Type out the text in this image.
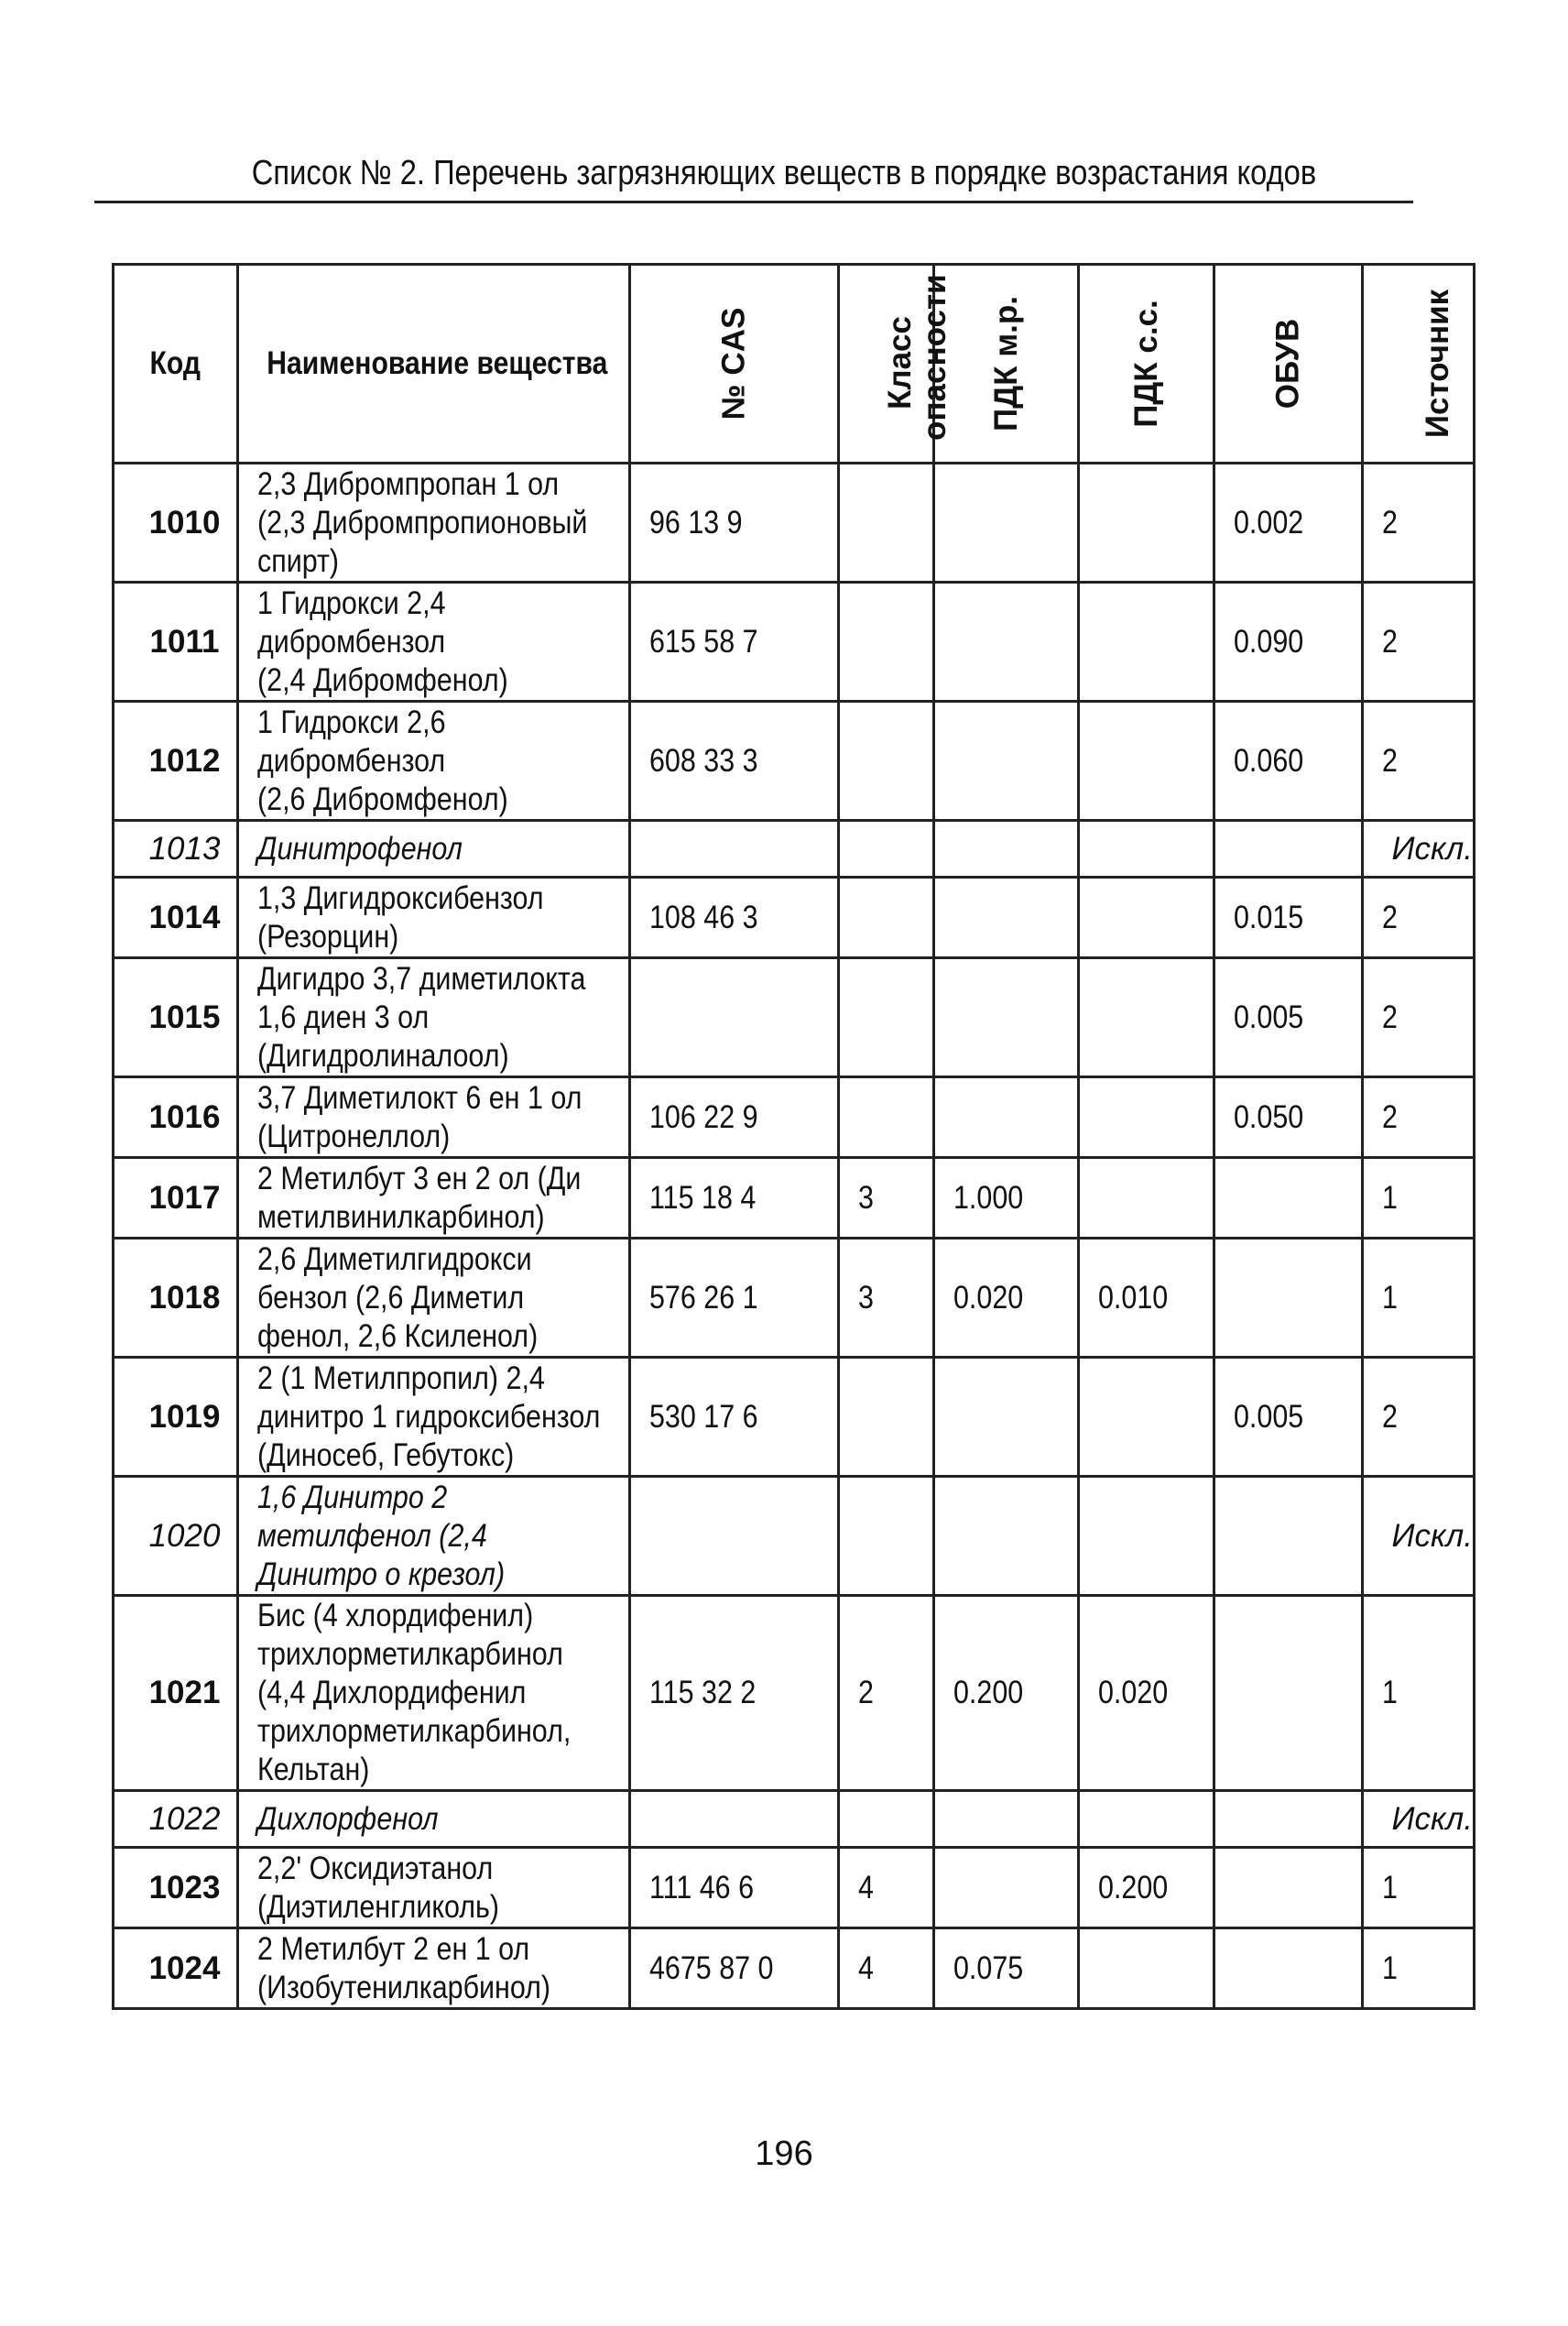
Список № 2. Перечень загрязняющих веществ в порядке возрастания кодов
Код	Наименование вещества	№ CAS	Класс опасности	ПДК м.р.	ПДК с.с.	ОБУВ	Источник
1010	2,3 Дибромпропан 1 ол
(2,3 Дибромпропионовый
спирт)	96 13 9				0.002	2
1011	1 Гидрокси 2,4
дибромбензол
(2,4 Дибромфенол)	615 58 7				0.090	2
1012	1 Гидрокси 2,6
дибромбензол
(2,6 Дибромфенол)	608 33 3				0.060	2
1013	Динитрофенол						Искл.
1014	1,3 Дигидроксибензол
(Резорцин)	108 46 3				0.015	2
1015	Дигидро 3,7 диметилокта
1,6 диен 3 ол
(Дигидролиналоол)					0.005	2
1016	3,7 Диметилокт 6 ен 1 ол
(Цитронеллол)	106 22 9				0.050	2
1017	2 Метилбут 3 ен 2 ол (Ди
метилвинилкарбинол)	115 18 4	3	1.000			1
1018	2,6 Диметилгидрокси
бензол (2,6 Диметил
фенол, 2,6 Ксиленол)	576 26 1	3	0.020	0.010		1
1019	2 (1 Метилпропил) 2,4
динитро 1 гидроксибензол
(Диносеб, Гебутокс)	530 17 6				0.005	2
1020	1,6 Динитро 2
метилфенол (2,4
Динитро о крезол)						Искл.
1021	Бис (4 хлордифенил)
трихлорметилкарбинол
(4,4 Дихлордифенил
трихлорметилкарбинол,
Кельтан)	115 32 2	2	0.200	0.020		1
1022	Дихлорфенол						Искл.
1023	2,2' Оксидиэтанол
(Диэтиленгликоль)	111 46 6	4		0.200		1
1024	2 Метилбут 2 ен 1 ол
(Изобутенилкарбинол)	4675 87 0	4	0.075			1
196
